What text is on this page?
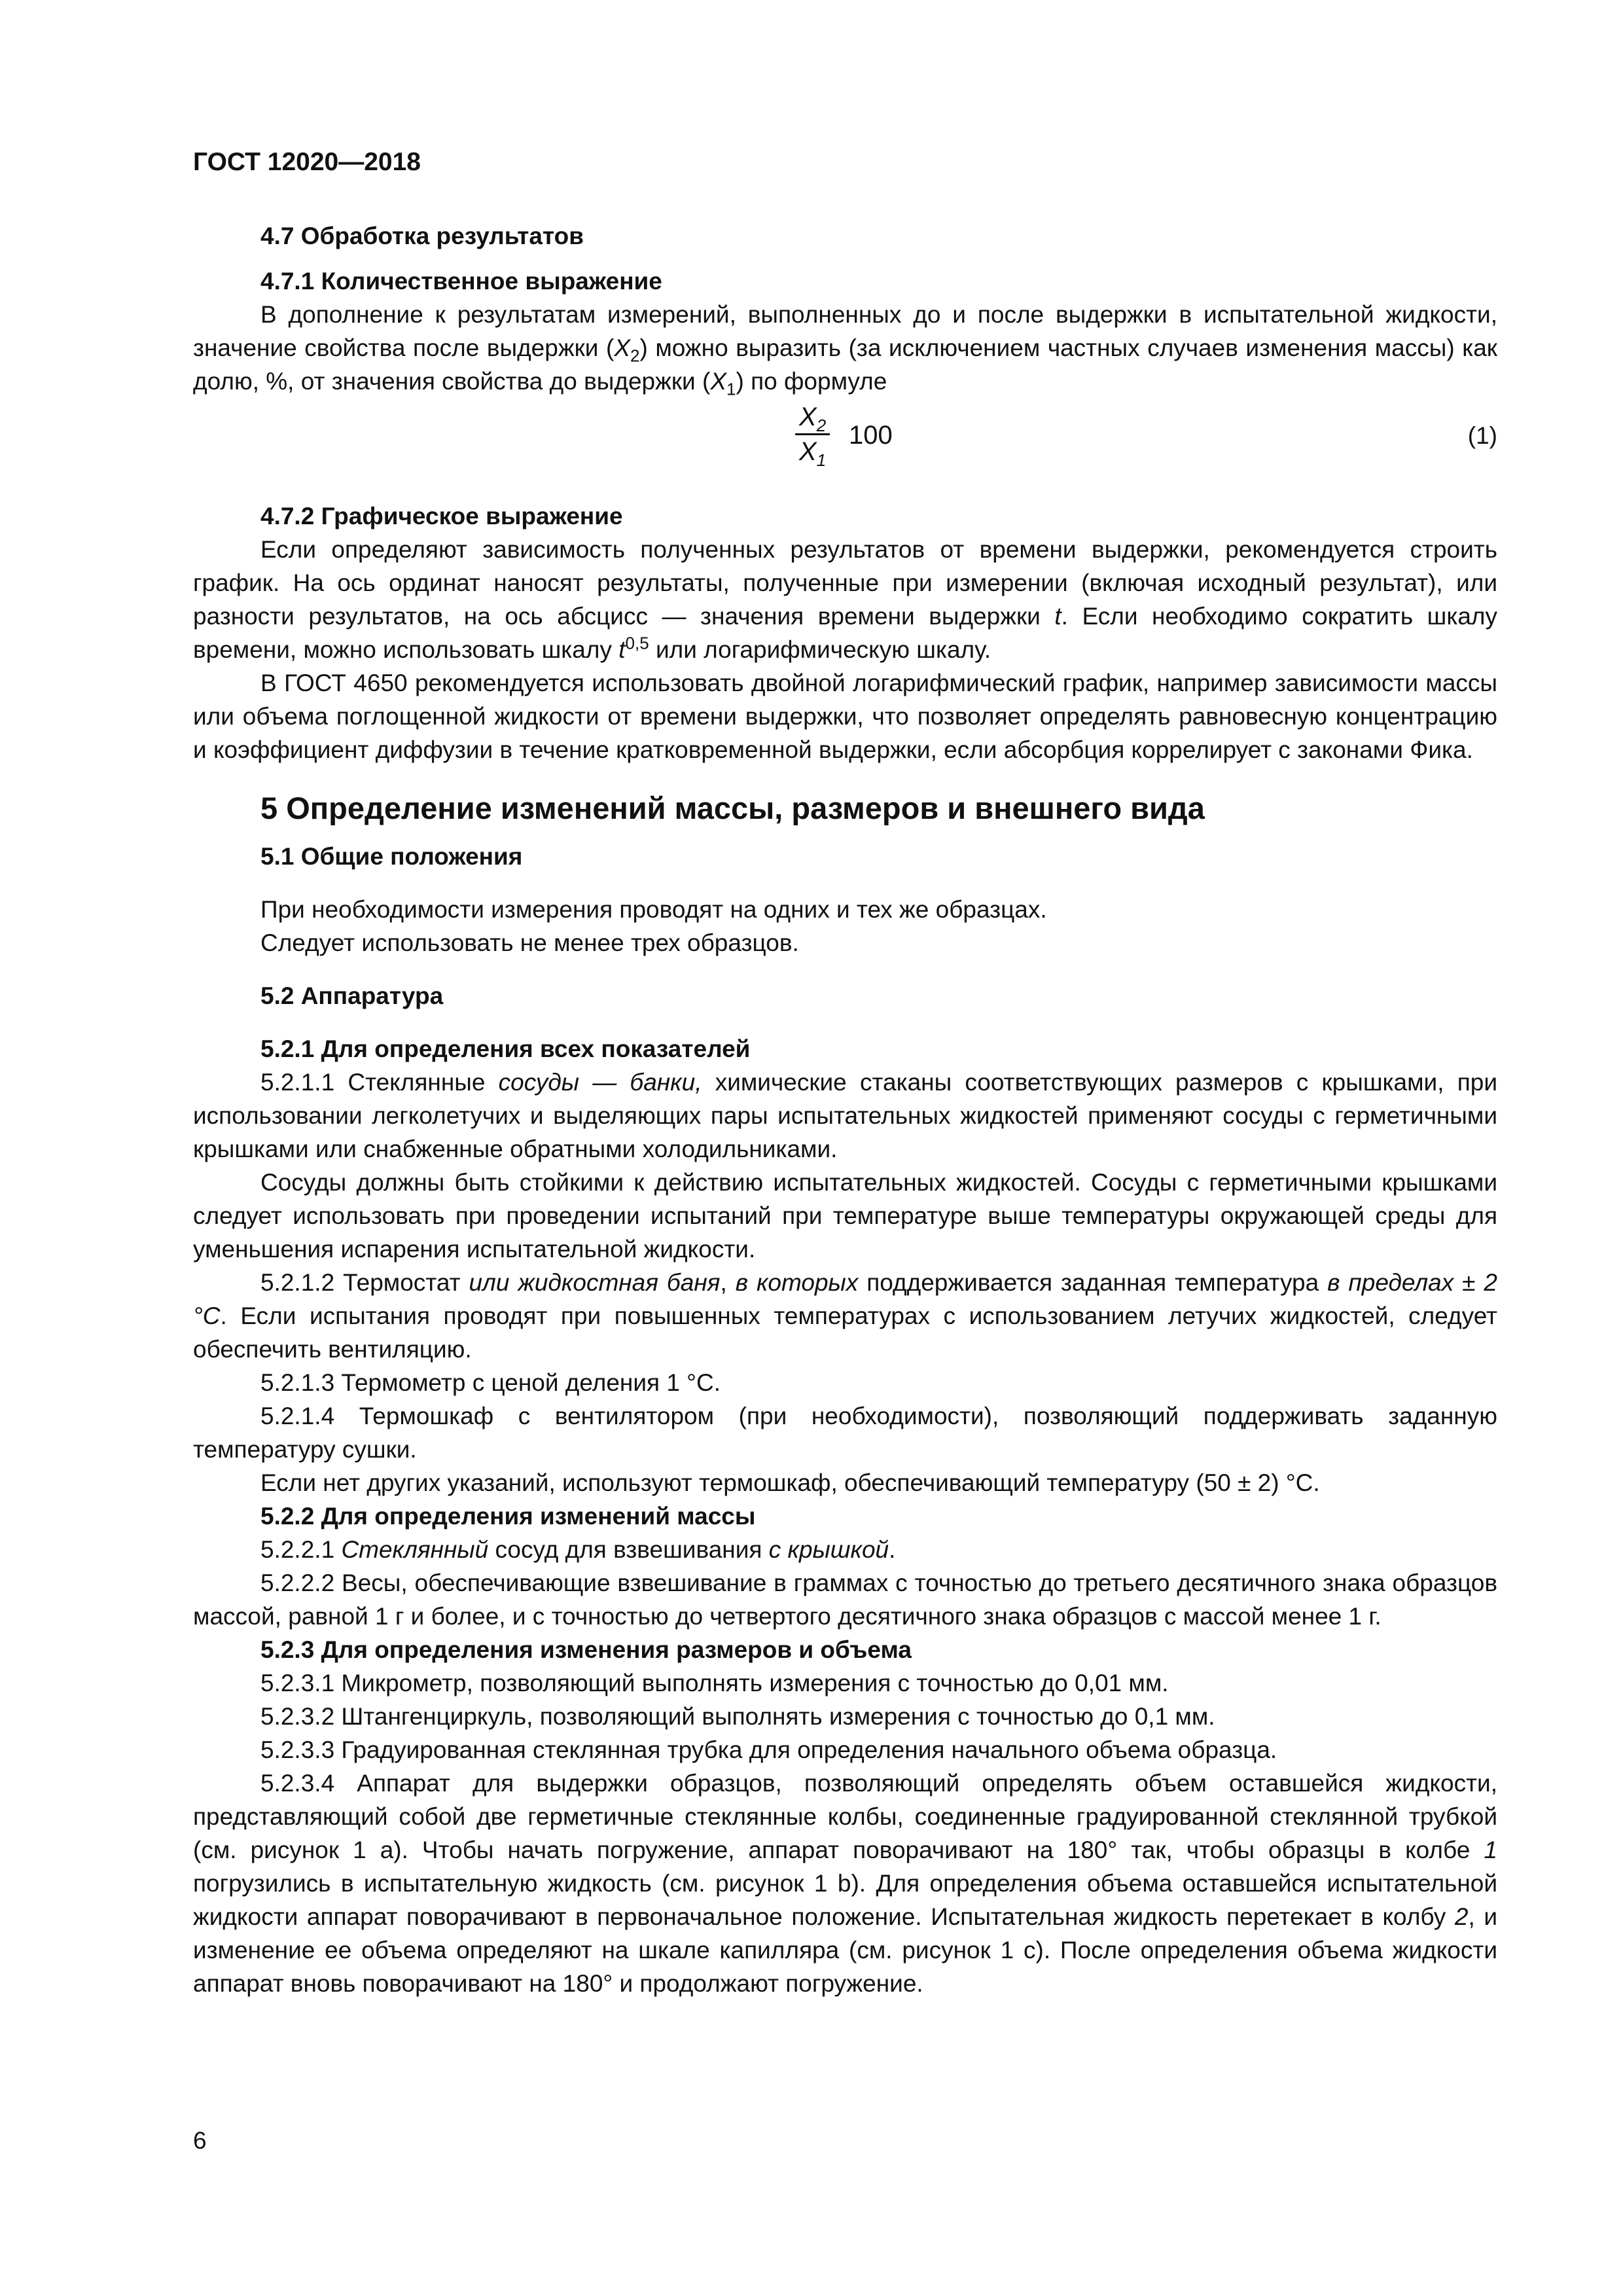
ГОСТ 12020—2018
4.7 Обработка результатов
4.7.1 Количественное выражение

В дополнение к результатам измерений, выполненных до и после выдержки в испытательной жидкости, значение свойства после выдержки $(X_2)$ можно выразить (за исключением частных случаев изменения массы) как долю, %, от значения свойства до выдержки $(X_1)$ по формуле

$\frac{X_2}{X_1} 100$	(1)
4.7.2 Графическое выражение

Если определяют зависимость полученных результатов от времени выдержки, рекомендуется строить график. На ось ординат наносят результаты, полученные при измерении (включая исходный результат), или разности результатов, на ось абсцисс — значения времени выдержки t. Если необходимо сократить шкалу времени, можно использовать шкалу $t^{0,5}$ или логарифмическую шкалу.

В ГОСТ 4650 рекомендуется использовать двойной логарифмический график, например зависимости массы или объема поглощенной жидкости от времени выдержки, что позволяет определять равновесную концентрацию и коэффициент диффузии в течение кратковременной выдержки, если абсорбция коррелирует с законами Фика.

5 Определение изменений массы, размеров и внешнего вида
5.1 Общие положения

При необходимости измерения проводят на одних и тех же образцах.

Следует использовать не менее трех образцов.

5.2 Аппаратура
5.2.1 Для определения всех показателей

5.2.1.1 Стеклянные сосуды — банки, химические стаканы соответствующих размеров с крышками, при использовании легколетучих и выделяющих пары испытательных жидкостей применяют сосуды с герметичными крышками или снабженные обратными холодильниками.

Сосуды должны быть стойкими к действию испытательных жидкостей. Сосуды с герметичными крышками следует использовать при проведении испытаний при температуре выше температуры окружающей среды для уменьшения испарения испытательной жидкости.

5.2.1.2 Термостат или жидкостная баня, в которых поддерживается заданная температура в пределах ± 2 °С. Если испытания проводят при повышенных температурах с использованием летучих жидкостей, следует обеспечить вентиляцию.

5.2.1.3 Термометр с ценой деления 1 °С.

5.2.1.4 Термошкаф с вентилятором (при необходимости), позволяющий поддерживать заданную температуру сушки.

Если нет других указаний, используют термошкаф, обеспечивающий температуру (50 ± 2) °С.

5.2.2 Для определения изменений массы

5.2.2.1 Стеклянный сосуд для взвешивания с крышкой.

5.2.2.2 Весы, обеспечивающие взвешивание в граммах с точностью до третьего десятичного знака образцов массой, равной 1 г и более, и с точностью до четвертого десятичного знака образцов с массой менее 1 г.

5.2.3 Для определения изменения размеров и объема

5.2.3.1 Микрометр, позволяющий выполнять измерения с точностью до 0,01 мм.

5.2.3.2 Штангенциркуль, позволяющий выполнять измерения с точностью до 0,1 мм.

5.2.3.3 Градуированная стеклянная трубка для определения начального объема образца.

5.2.3.4 Аппарат для выдержки образцов, позволяющий определять объем оставшейся жидкости, представляющий собой две герметичные стеклянные колбы, соединенные градуированной стеклянной трубкой (см. рисунок 1 а). Чтобы начать погружение, аппарат поворачивают на 180° так, чтобы образцы в колбе 1 погрузились в испытательную жидкость (см. рисунок 1 b). Для определения объема оставшейся испытательной жидкости аппарат поворачивают в первоначальное положение. Испытательная жидкость перетекает в колбу 2, и изменение ее объема определяют на шкале капилляра (см. рисунок 1 с). После определения объема жидкости аппарат вновь поворачивают на 180° и продолжают погружение.

6
